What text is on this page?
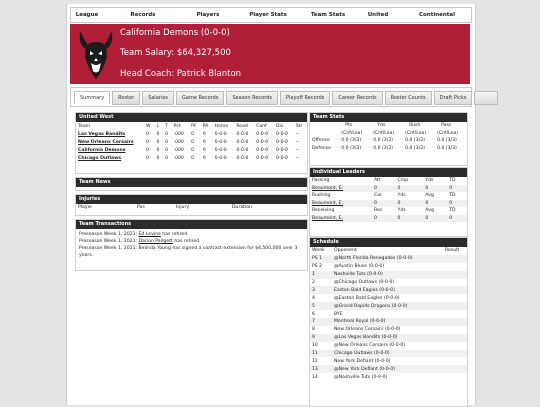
League	Records	Players	Player Stats	Team Stats	United	Continental
California Demons (0-0-0)
Team Salary: $64,327,500
Head Coach: Patrick Blanton
Summary	Roster	Salaries	Game Records	Season Records	Playoff Records	Career Records	Roster Counts	Draft Picks
United West
Team	W	L	T	Pct	PF	PA	Home	Road	Conf	Div	Str
Las Vegas Bandits	0	0	0	.000	0	0	0-0-0	0-0-0	0-0-0	0-0-0	--
New Orleans Corsairs	0	0	0	.000	0	0	0-0-0	0-0-0	0-0-0	0-0-0	--
California Demons	0	0	0	.000	0	0	0-0-0	0-0-0	0-0-0	0-0-0	--
Chicago Outlaws	0	0	0	.000	0	0	0-0-0	0-0-0	0-0-0	0-0-0	--
Team News
Injuries
Player	Pos	Injury	Duration
Team Transactions
Preseason Week 1, 2021: Ed Levine has retired.
Preseason Week 1, 2021: Darion Padgett has retired.
Preseason Week 1, 2021: Belinda Young has signed a contract extension for $4,500,000 over 3 years.
Team Stats
	Pts	Yds	Rush	Pass
	(Cnf/Lea)	(Cnf/Lea)	(Cnf/Lea)	(Cnf/Lea)
Offense	0.0 (3/3)	0.0 (3/3)	0.0 (3/3)	0.0 (3/3)
Defense	0.0 (3/3)	0.0 (3/3)	0.0 (3/3)	0.0 (3/3)
Individual Leaders
Passing	Att	Cmp	Yds	TD
Beaumont, E.	0	0	0	0
Rushing	Car	Yds	Avg	TD
Beaumont, E.	0	0	0	0
Receiving	Rec	Yds	Avg	TD
Beaumont, E.	0	0	0	0
Schedule
Week	Opponent	Result
PS 1	@North Florida Renegades (0-0-0)	
PS 2	@Austin Blues (0-0-0)	
1	Nashville Tuts (0-0-0)	
2	@Chicago Outlaws (0-0-0)	
3	Easton Bald Eagles (0-0-0)	
4	@Easton Bald Eagles (0-0-0)	
5	@Grand Rapids Dragons (0-0-0)	
6	BYE	
7	Montreal Royal (0-0-0)	
8	New Orleans Corsairs (0-0-0)	
9	@Las Vegas Bandits (0-0-0)	
10	@New Orleans Corsairs (0-0-0)	
11	Chicago Outlaws (0-0-0)	
12	New York Defiant (0-0-0)	
13	@New York Defiant (0-0-0)	
14	@Nashville Tuts (0-0-0)	
